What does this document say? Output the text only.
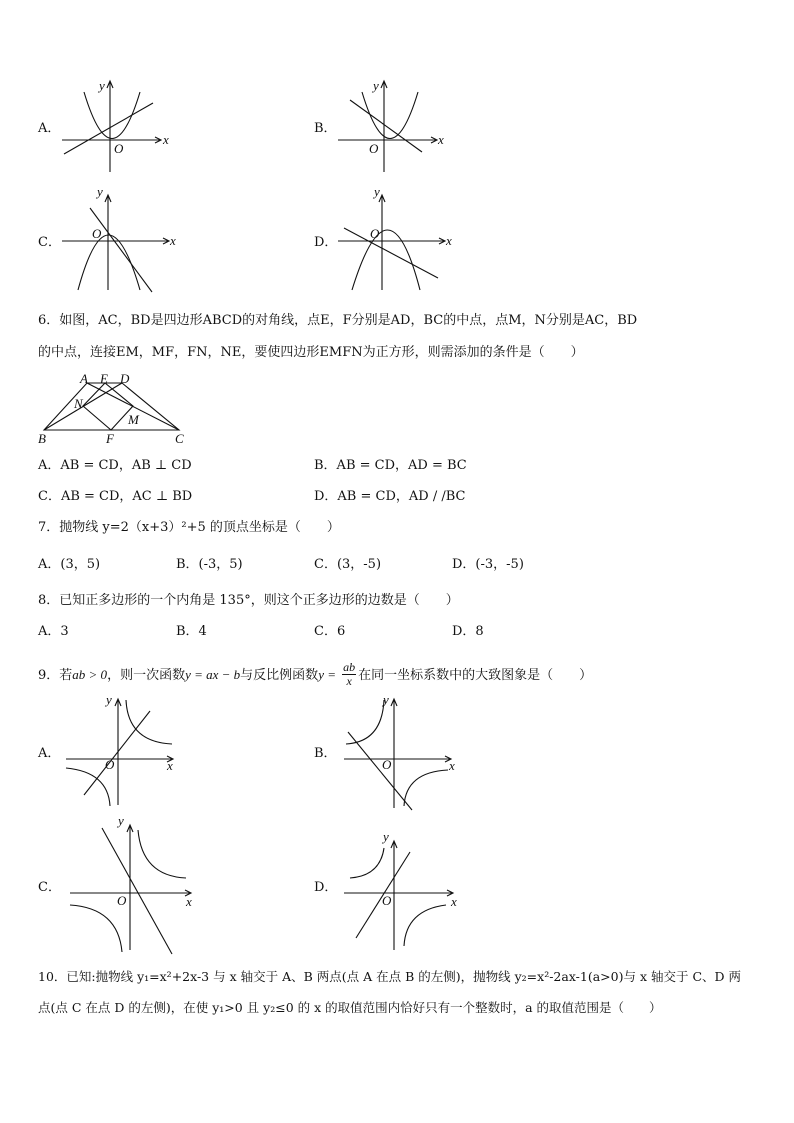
A．
y
x
O
B．
y
x
O
C．
y
x
O
D．
y
x
O
6．如图，AC，BD是四边形ABCD的对角线，点E，F分别是AD，BC的中点，点M，N分别是AC，BD
的中点，连接EM，MF，FN，NE，要使四边形EMFN为正方形，则需添加的条件是（　　）
A E D
N
M
B	F	C
A．AB = CD，AB ⊥ CD	B．AB = CD，AD = BC
C．AB = CD，AC ⊥ BD	D．AB = CD，AD / /BC
7．抛物线 y=2（x+3）²+5 的顶点坐标是（　　）
A．(3，5)	B．(-3，5)	C．(3，-5)	D．(-3，-5)
8．已知正多边形的一个内角是 135°，则这个正多边形的边数是（　　）
A．3	B．4	C．6	D．8
9．若ab > 0，则一次函数y = ax − b与反比例函数$y = \frac{ab}{x}$ 在同一坐标系数中的大致图象是（　　）
A．
y
x
O
B．
y
x
O
C．
y
x
O
D．
y
x
O
10．已知:抛物线 y₁=x²+2x-3 与 x 轴交于 A、B 两点(点 A 在点 B 的左侧)，抛物线 y₂=x²-2ax-1(a>0)与 x 轴交于 C、D 两
点(点 C 在点 D 的左侧)，在使 y₁>0 且 y₂≤0 的 x 的取值范围内恰好只有一个整数时，a 的取值范围是（　　）
